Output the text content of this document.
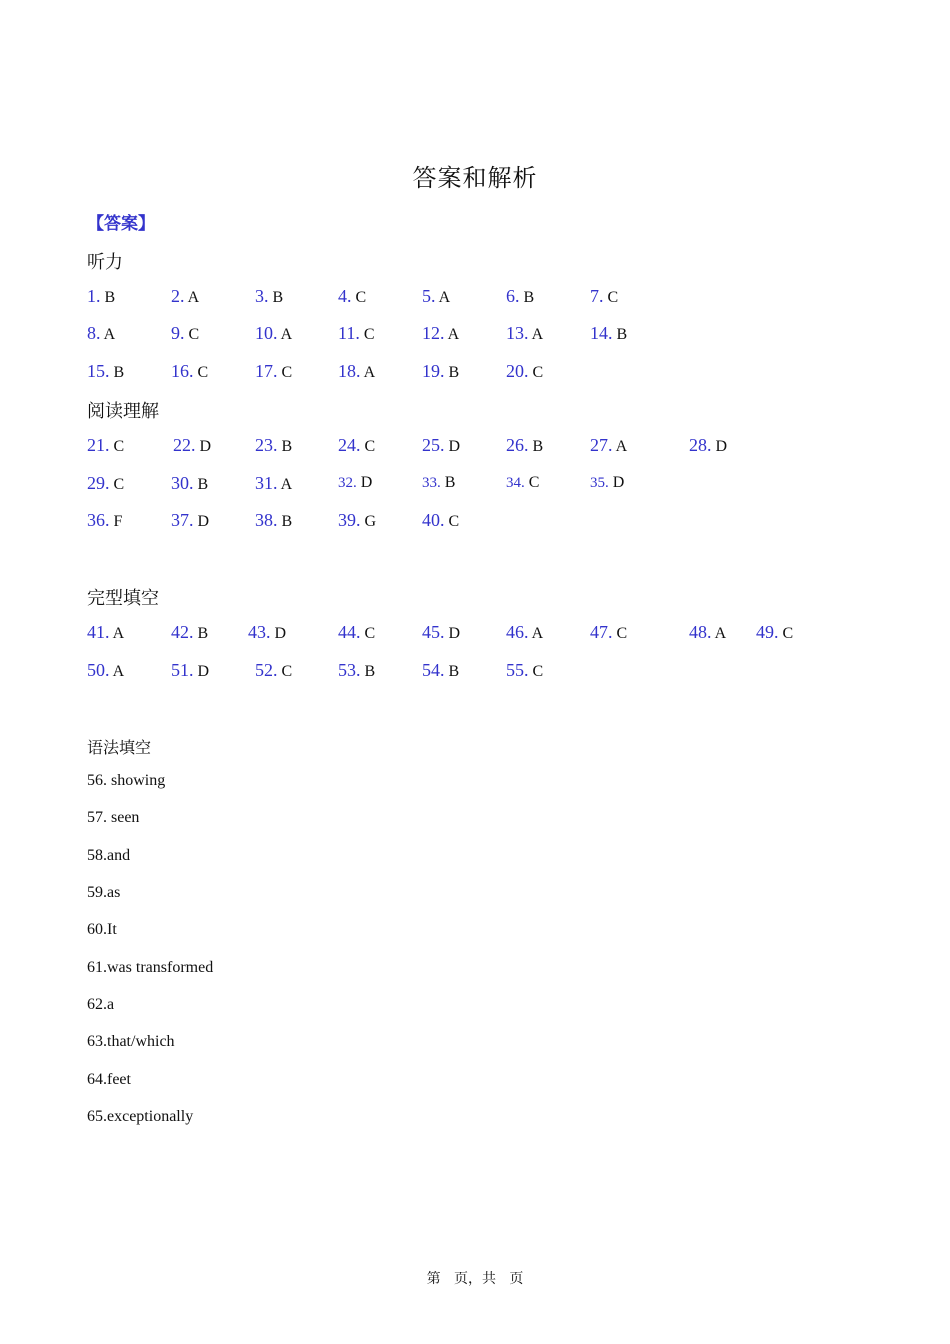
答案和解析
【答案】
听力
1. B	2. A	3. B	4. C	5. A	6. B	7. C
8. A	9. C	10. A	11. C	12. A	13. A	14. B
15. B	16. C	17. C	18. A	19. B	20. C
阅读理解
21. C	22. D 23. B	24. C	25. D	26. B	27. A	28. D
29. C	30. B	31. A	32. D	33. B	34. C	35. D
36. F	37. D	38. B	39. G	40. C
完型填空
41. A	42. B 43. D	44. C	45. D	46. A	47. C	48. A 49. C
50. A	51. D	52. C	53. B	54. B	55. C
语法填空
56. showing
57. seen
58.and
59.as
60.It
61.was transformed
62.a
63.that/which
64.feet
65.exceptionally
第   页，共   页
